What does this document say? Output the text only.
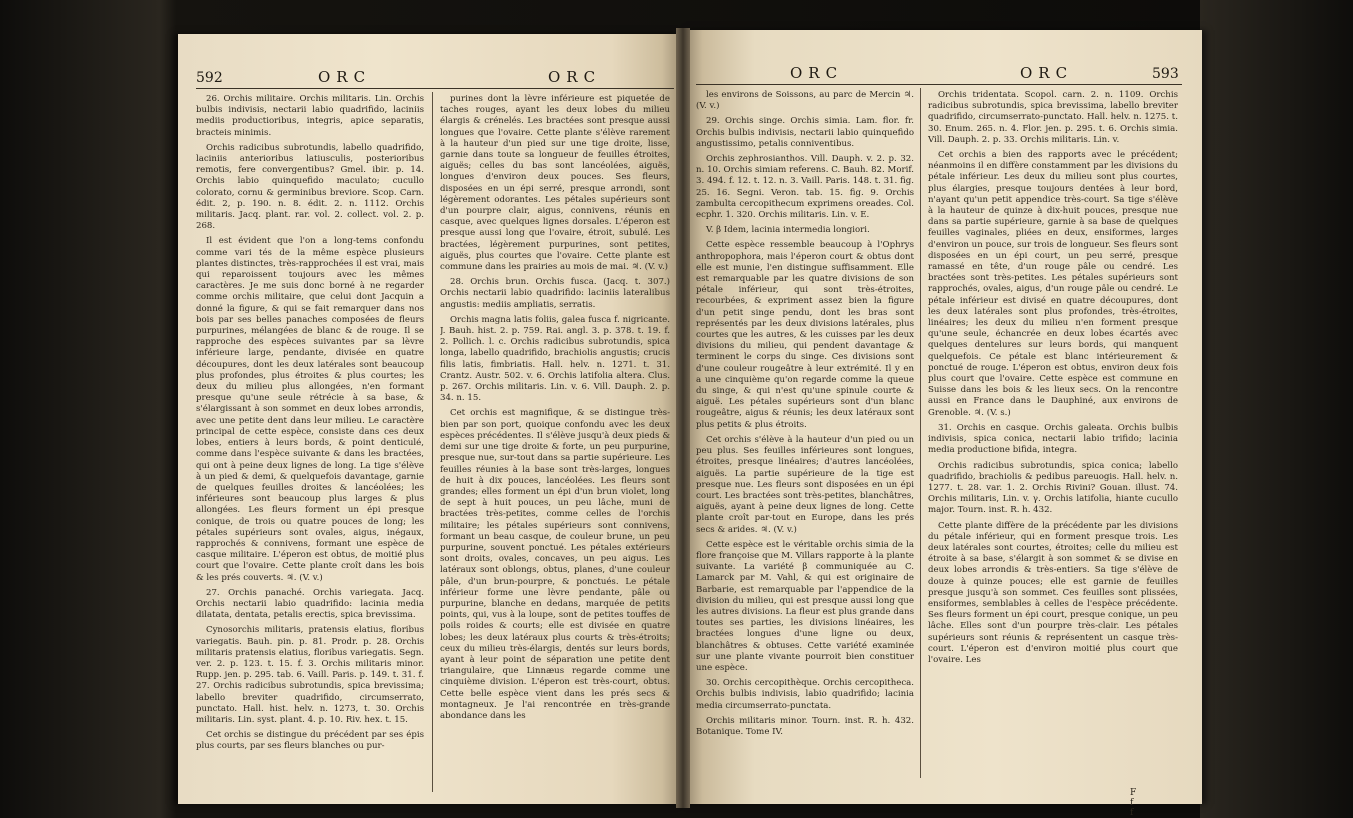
592	ORC	ORC

26. Orchis militaire. Orchis militaris. Lin. Orchis bulbis indivisis, nectarii labio quadrifido, laciniis mediis productioribus, integris, apice separatis, bracteis minimis.

Orchis radicibus subrotundis, labello quadrifido, laciniis anterioribus latiusculis, posterioribus remotis, fere convergentibus? Gmel. ibir. p. 14. Orchis labio quinquefido maculato; cucullo colorato, cornu & germinibus breviore. Scop. Carn. édit. 2, p. 190. n. 8. édit. 2. n. 1112. Orchis militaris. Jacq. plant. rar. vol. 2. collect. vol. 2. p. 268.

Il est évident que l'on a long-tems confondu comme vari tés de la même espèce plusieurs plantes distinctes, très-rapprochées il est vrai, mais qui reparoissent toujours avec les mêmes caractères. Je me suis donc borné à ne regarder comme orchis militaire, que celui dont Jacquin a donné la figure, & qui se fait remarquer dans nos bois par ses belles panaches composées de fleurs purpurines, mélangées de blanc & de rouge. Il se rapproche des espèces suivantes par sa lèvre inférieure large, pendante, divisée en quatre découpures, dont les deux latérales sont beaucoup plus profondes, plus étroites & plus courtes; les deux du milieu plus allongées, n'en formant presque qu'une seule rétrécie à sa base, & s'élargissant à son sommet en deux lobes arrondis, avec une petite dent dans leur milieu. Le caractère principal de cette espèce, consiste dans ces deux lobes, entiers à leurs bords, & point denticulé, comme dans l'espèce suivante & dans les bractées, qui ont à peine deux lignes de long. La tige s'élève à un pied & demi, & quelquefois davantage, garnie de quelques feuilles droites & lancéolées; les inférieures sont beaucoup plus larges & plus allongées. Les fleurs forment un épi presque conique, de trois ou quatre pouces de long; les pétales supérieurs sont ovales, aigus, inégaux, rapprochés & connivens, formant une espèce de casque militaire. L'éperon est obtus, de moitié plus court que l'ovaire. Cette plante croît dans les bois & les prés couverts. ♃. (V. v.)

27. Orchis panaché. Orchis variegata. Jacq. Orchis nectarii labio quadrifido: lacinia media dilatata, dentata, petalis erectis, spica brevissima.

Cynosorchis militaris, pratensis elatius, floribus variegatis. Bauh. pin. p. 81. Prodr. p. 28. Orchis militaris pratensis elatius, floribus variegatis. Segn. ver. 2. p. 123. t. 15. f. 3. Orchis militaris minor. Rupp. jen. p. 295. tab. 6. Vaill. Paris. p. 149. t. 31. f. 27. Orchis radicibus subrotundis, spica brevissima; labello breviter quadrifido, circumserrato, punctato. Hall. hist. helv. n. 1273, t. 30. Orchis militaris. Lin. syst. plant. 4. p. 10. Riv. hex. t. 15.

Cet orchis se distingue du précédent par ses épis plus courts, par ses fleurs blanches ou pur-

purines dont la lèvre inférieure est piquetée de taches rouges, ayant les deux lobes du milieu élargis & crénelés. Les bractées sont presque aussi longues que l'ovaire. Cette plante s'élève rarement à la hauteur d'un pied sur une tige droite, lisse, garnie dans toute sa longueur de feuilles étroites, aiguës; celles du bas sont lancéolées, aiguës, longues d'environ deux pouces. Ses fleurs, disposées en un épi serré, presque arrondi, sont légèrement odorantes. Les pétales supérieurs sont d'un pourpre clair, aigus, connivens, réunis en casque, avec quelques lignes dorsales. L'éperon est presque aussi long que l'ovaire, étroit, subulé. Les bractées, légèrement purpurines, sont petites, aiguës, plus courtes que l'ovaire. Cette plante est commune dans les prairies au mois de mai. ♃. (V. v.)

28. Orchis brun. Orchis fusca. (Jacq. t. 307.) Orchis nectarii labio quadrifido: laciniis lateralibus angustis: mediis ampliatis, serratis.

Orchis magna latis foliis, galea fusca f. nigricante. J. Bauh. hist. 2. p. 759. Rai. angl. 3. p. 378. t. 19. f. 2. Pollich. l. c. Orchis radicibus subrotundis, spica longa, labello quadrifido, brachiolis angustis; crucis filis latis, fimbriatis. Hall. helv. n. 1271. t. 31. Crantz. Austr. 502. v. 6. Orchis latifolia altera. Clus. p. 267. Orchis militaris. Lin. v. 6. Vill. Dauph. 2. p. 34. n. 15.

Cet orchis est magnifique, & se distingue très-bien par son port, quoique confondu avec les deux espèces précédentes. Il s'élève jusqu'à deux pieds & demi sur une tige droite & forte, un peu purpurine, presque nue, sur-tout dans sa partie supérieure. Les feuilles réunies à la base sont très-larges, longues de huit à dix pouces, lancéolées. Les fleurs sont grandes; elles forment un épi d'un brun violet, long de sept à huit pouces, un peu lâche, muni de bractées très-petites, comme celles de l'orchis militaire; les pétales supérieurs sont connivens, formant un beau casque, de couleur brune, un peu purpurine, souvent ponctué. Les pétales extérieurs sont droits, ovales, concaves, un peu aigus. Les latéraux sont oblongs, obtus, planes, d'une couleur pâle, d'un brun-pourpre, & ponctués. Le pétale inférieur forme une lèvre pendante, pâle ou purpurine, blanche en dedans, marquée de petits points, qui, vus à la loupe, sont de petites touffes de poils roides & courts; elle est divisée en quatre lobes; les deux latéraux plus courts & très-étroits; ceux du milieu très-élargis, dentés sur leurs bords, ayant à leur point de séparation une petite dent triangulaire, que Linnæus regarde comme une cinquième division. L'éperon est très-court, obtus. Cette belle espèce vient dans les prés secs & montagneux. Je l'ai rencontrée en très-grande abondance dans les

ORC	ORC	593

les environs de Soissons, au parc de Mercin ♃. (V. v.)

29. Orchis singe. Orchis simia. Lam. flor. fr. Orchis bulbis indivisis, nectarii labio quinquefido angustissimo, petalis conniventibus.

Orchis zephrosianthos. Vill. Dauph. v. 2. p. 32. n. 10. Orchis simiam referens. C. Bauh. 82. Morif. 3. 494. f. 12. t. 12. n. 3. Vaill. Paris. 148. t. 31. fig. 25. 16. Segni. Veron. tab. 15. fig. 9. Orchis zambulta cercopithecum exprimens oreades. Col. ecphr. 1. 320. Orchis militaris. Lin. v. E.

V. β Idem, lacinia intermedia longiori.

Cette espèce ressemble beaucoup à l'Ophrys anthropophora, mais l'éperon court & obtus dont elle est munie, l'en distingue suffisamment. Elle est remarquable par les quatre divisions de son pétale inférieur, qui sont très-étroites, recourbées, & expriment assez bien la figure d'un petit singe pendu, dont les bras sont représentés par les deux divisions latérales, plus courtes que les autres, & les cuisses par les deux divisions du milieu, qui pendent davantage & terminent le corps du singe. Ces divisions sont d'une couleur rougeâtre à leur extrémité. Il y en a une cinquième qu'on regarde comme la queue du singe, & qui n'est qu'une spinule courte & aiguë. Les pétales supérieurs sont d'un blanc rougeâtre, aigus & réunis; les deux latéraux sont plus petits & plus étroits.

Cet orchis s'élève à la hauteur d'un pied ou un peu plus. Ses feuilles inférieures sont longues, étroites, presque linéaires; d'autres lancéolées, aiguës. La partie supérieure de la tige est presque nue. Les fleurs sont disposées en un épi court. Les bractées sont très-petites, blanchâtres, aiguës, ayant à peine deux lignes de long. Cette plante croît par-tout en Europe, dans les prés secs & arides. ♃. (V. v.)

Cette espèce est le véritable orchis simia de la flore françoise que M. Villars rapporte à la plante suivante. La variété β communiquée au C. Lamarck par M. Vahl, & qui est originaire de Barbarie, est remarquable par l'appendice de la division du milieu, qui est presque aussi long que les autres divisions. La fleur est plus grande dans toutes ses parties, les divisions linéaires, les bractées longues d'une ligne ou deux, blanchâtres & obtuses. Cette variété examinée sur une plante vivante pourroit bien constituer une espèce.

30. Orchis cercopithèque. Orchis cercopitheca. Orchis bulbis indivisis, labio quadrifido; lacinia media circumserrato-punctata.

Orchis militaris minor. Tourn. inst. R. h. 432. Botanique. Tome IV.

Orchis tridentata. Scopol. carn. 2. n. 1109. Orchis radicibus subrotundis, spica brevissima, labello breviter quadrifido, circumserrato-punctato. Hall. helv. n. 1275. t. 30. Enum. 265. n. 4. Flor. jen. p. 295. t. 6. Orchis simia. Vill. Dauph. 2. p. 33. Orchis militaris. Lin. v.

Cet orchis a bien des rapports avec le précédent; néanmoins il en diffère constamment par les divisions du pétale inférieur. Les deux du milieu sont plus courtes, plus élargies, presque toujours dentées à leur bord, n'ayant qu'un petit appendice très-court. Sa tige s'élève à la hauteur de quinze à dix-huit pouces, presque nue dans sa partie supérieure, garnie à sa base de quelques feuilles vaginales, pliées en deux, ensiformes, larges d'environ un pouce, sur trois de longueur. Ses fleurs sont disposées en un épi court, un peu serré, presque ramassé en tête, d'un rouge pâle ou cendré. Les bractées sont très-petites. Les pétales supérieurs sont rapprochés, ovales, aigus, d'un rouge pâle ou cendré. Le pétale inférieur est divisé en quatre découpures, dont les deux latérales sont plus profondes, très-étroites, linéaires; les deux du milieu n'en forment presque qu'une seule, échancrée en deux lobes écartés avec quelques dentelures sur leurs bords, qui manquent quelquefois. Ce pétale est blanc intérieurement & ponctué de rouge. L'éperon est obtus, environ deux fois plus court que l'ovaire. Cette espèce est commune en Suisse dans les bois & les lieux secs. On la rencontre aussi en France dans le Dauphiné, aux environs de Grenoble. ♃. (V. s.)

31. Orchis en casque. Orchis galeata. Orchis bulbis indivisis, spica conica, nectarii labio trifido; lacinia media productione bifida, integra.

Orchis radicibus subrotundis, spica conica; labello quadrifido, brachiolis & pedibus pareuogis. Hall. helv. n. 1277. t. 28. var. 1. 2. Orchis Rivini? Gouan. illust. 74. Orchis militaris, Lin. v. γ. Orchis latifolia, hiante cucullo major. Tourn. inst. R. h. 432.

Cette plante diffère de la précédente par les divisions du pétale inférieur, qui en forment presque trois. Les deux latérales sont courtes, étroites; celle du milieu est étroite à sa base, s'élargit à son sommet & se divise en deux lobes arrondis & très-entiers. Sa tige s'élève de douze à quinze pouces; elle est garnie de feuilles presque jusqu'à son sommet. Ces feuilles sont plissées, ensiformes, semblables à celles de l'espèce précédente. Ses fleurs forment un épi court, presque conique, un peu lâche. Elles sont d'un pourpre très-clair. Les pétales supérieurs sont réunis & représentent un casque très-court. L'éperon est d'environ moitié plus court que l'ovaire. Les

F f f
